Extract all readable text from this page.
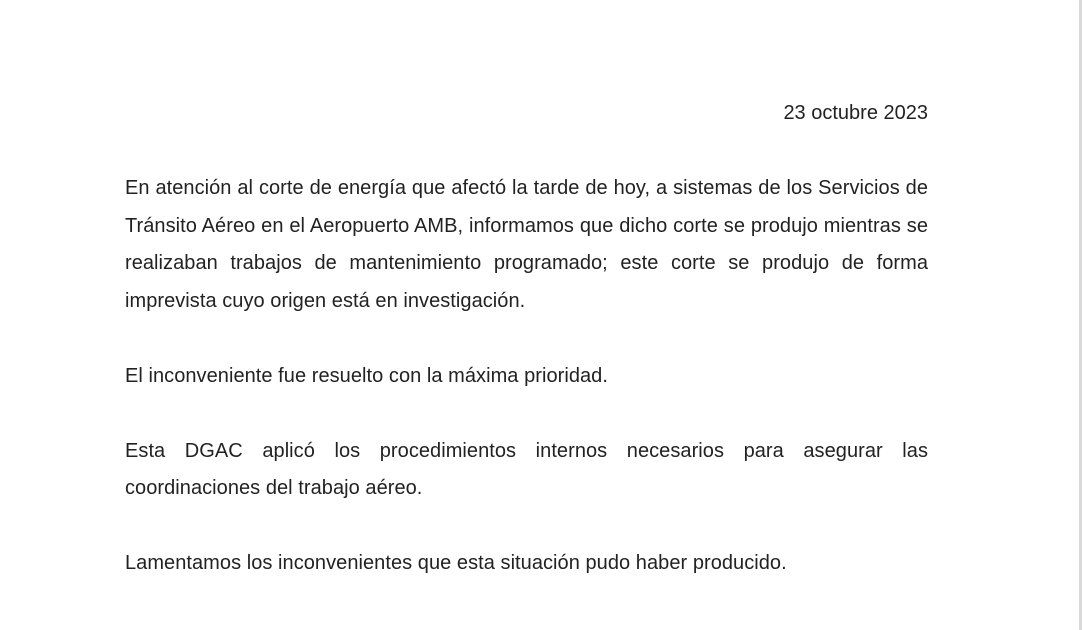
23 octubre 2023

En atención al corte de energía que afectó la tarde de hoy, a sistemas de los Servicios de Tránsito Aéreo en el Aeropuerto AMB, informamos que dicho corte se produjo mientras se realizaban trabajos de mantenimiento programado; este corte se produjo de forma imprevista cuyo origen está en investigación.

El inconveniente fue resuelto con la máxima prioridad.

Esta DGAC aplicó los procedimientos internos necesarios para asegurar las coordinaciones del trabajo aéreo.

Lamentamos los inconvenientes que esta situación pudo haber producido.
